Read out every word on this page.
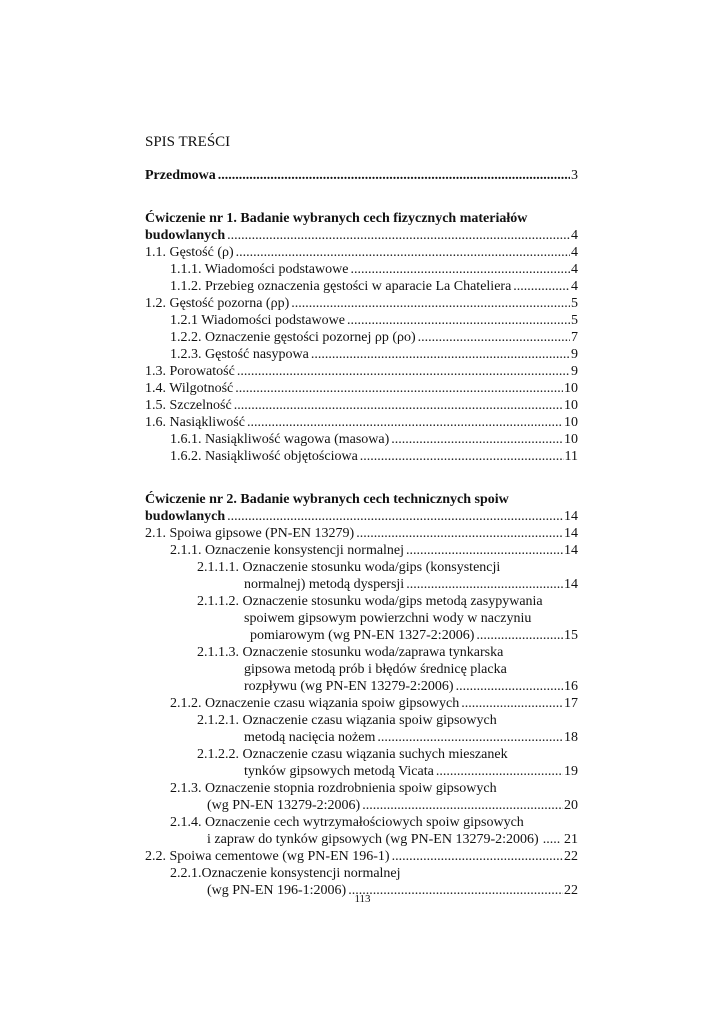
SPIS TREŚCI
Przedmowa .....	3
Ćwiczenie nr 1. Badanie wybranych cech fizycznych materiałów
budowlanych .....	4
1.1. Gęstość (ρ) .....	4
1.1.1. Wiadomości podstawowe .....	4
1.1.2. Przebieg oznaczenia gęstości w aparacie La Chateliera .....	4
1.2. Gęstość pozorna (ρp) .....	5
1.2.1 Wiadomości podstawowe .....	5
1.2.2. Oznaczenie gęstości pozornej ρp (ρo) .....	7
1.2.3. Gęstość nasypowa .....	9
1.3. Porowatość .....	9
1.4. Wilgotność .....	10
1.5. Szczelność .....	10
1.6. Nasiąkliwość .....	10
1.6.1. Nasiąkliwość wagowa (masowa) .....	10
1.6.2. Nasiąkliwość objętościowa .....	11
Ćwiczenie nr 2. Badanie wybranych cech technicznych spoiw
budowlanych .....	14
2.1. Spoiwa gipsowe (PN-EN 13279) .....	14
2.1.1. Oznaczenie konsystencji normalnej .....	14
2.1.1.1. Oznaczenie stosunku woda/gips (konsystencji
normalnej) metodą dyspersji .....	14
2.1.1.2. Oznaczenie stosunku woda/gips metodą zasypywania
spoiwem gipsowym powierzchni wody w naczyniu
pomiarowym (wg PN-EN 1327-2:2006) .....	15
2.1.1.3. Oznaczenie stosunku woda/zaprawa tynkarska
gipsowa metodą prób i błędów średnicę placka
rozpływu (wg PN-EN 13279-2:2006) .....	16
2.1.2. Oznaczenie czasu wiązania spoiw gipsowych .....	17
2.1.2.1. Oznaczenie czasu wiązania spoiw gipsowych
metodą nacięcia nożem .....	18
2.1.2.2. Oznaczenie czasu wiązania suchych mieszanek
tynków gipsowych metodą Vicata .....	19
2.1.3. Oznaczenie stopnia rozdrobnienia spoiw gipsowych
(wg PN-EN 13279-2:2006) .....	20
2.1.4. Oznaczenie cech wytrzymałościowych spoiw gipsowych
i zapraw do tynków gipsowych (wg PN-EN 13279-2:2006) ..... 21
2.2. Spoiwa cementowe (wg PN-EN 196-1) .....	22
2.2.1.Oznaczenie konsystencji normalnej
(wg PN-EN 196-1:2006) .....	22
113
